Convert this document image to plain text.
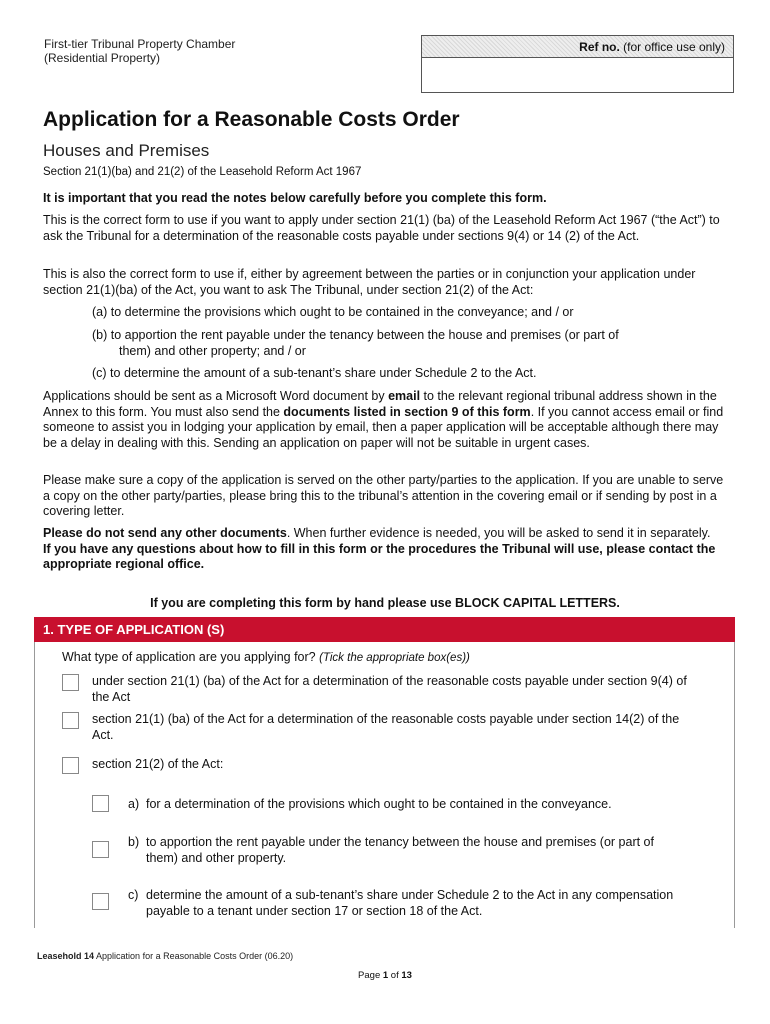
First-tier Tribunal Property Chamber
(Residential Property)
Ref no. (for office use only)
Application for a Reasonable Costs Order
Houses and Premises
Section 21(1)(ba) and 21(2) of the Leasehold Reform Act 1967
It is important that you read the notes below carefully before you complete this form.
This is the correct form to use if you want to apply under section 21(1) (ba) of the Leasehold Reform Act 1967 (“the Act”) to ask the Tribunal for a determination of the reasonable costs payable under sections 9(4) or 14 (2) of the Act.
This is also the correct form to use if, either by agreement between the parties or in conjunction your application under section 21(1)(ba) of the Act, you want to ask The Tribunal, under section 21(2) of the Act:
(a) to determine the provisions which ought to be contained in the conveyance; and / or
(b) to apportion the rent payable under the tenancy between the house and premises (or part of
them) and other property; and / or
(c) to determine the amount of a sub-tenant’s share under Schedule 2 to the Act.
Applications should be sent as a Microsoft Word document by email to the relevant regional tribunal address shown in the Annex to this form. You must also send the documents listed in section 9 of this form. If you cannot access email or find someone to assist you in lodging your application by email, then a paper application will be acceptable although there may be a delay in dealing with this. Sending an application on paper will not be suitable in urgent cases.
Please make sure a copy of the application is served on the other party/parties to the application. If you are unable to serve a copy on the other party/parties, please bring this to the tribunal’s attention in the covering email or if sending by post in a covering letter.
Please do not send any other documents. When further evidence is needed, you will be asked to send it in separately.
If you have any questions about how to fill in this form or the procedures the Tribunal will use, please contact the appropriate regional office.
If you are completing this form by hand please use BLOCK CAPITAL LETTERS.
1. TYPE OF APPLICATION (S)
What type of application are you applying for? (Tick the appropriate box(es))
under section 21(1) (ba) of the Act for a determination of the reasonable costs payable under section 9(4) of the Act
section 21(1) (ba) of the Act for a determination of the reasonable costs payable under section 14(2) of the Act.
section 21(2) of the Act:
a) for a determination of the provisions which ought to be contained in the conveyance.
b) to apportion the rent payable under the tenancy between the house and premises (or part of them) and other property.
c) determine the amount of a sub-tenant’s share under Schedule 2 to the Act in any compensation payable to a tenant under section 17 or section 18 of the Act.
Leasehold 14 Application for a Reasonable Costs Order (06.20)
Page 1 of 13
